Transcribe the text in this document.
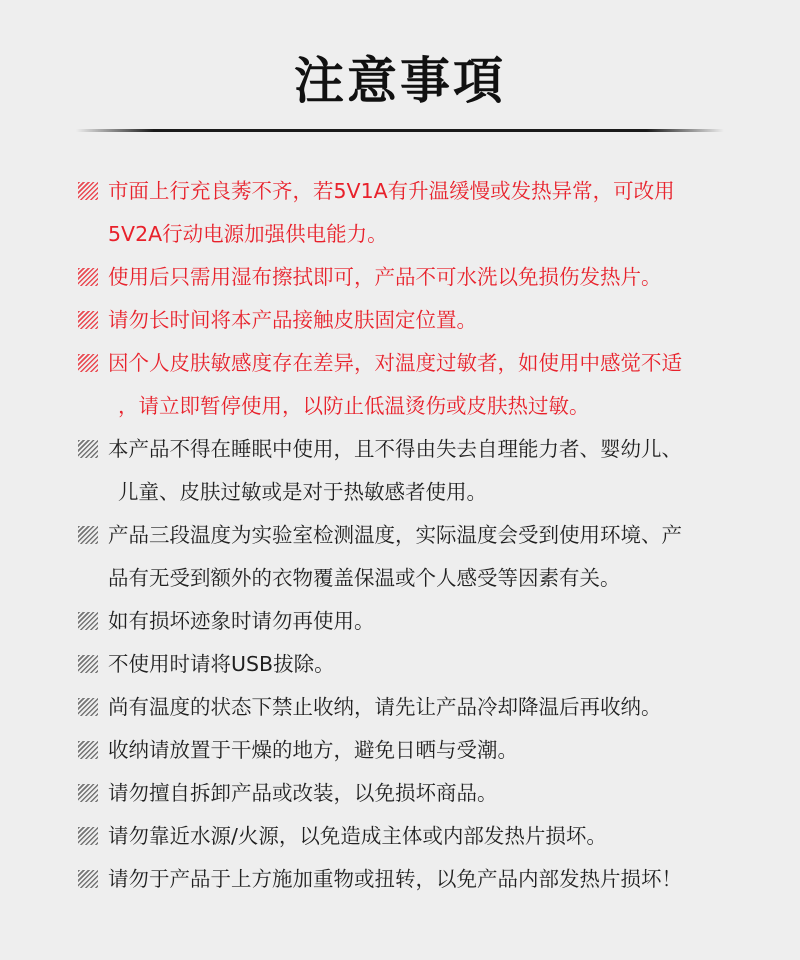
注意事項
市面上行充良莠不齐，若5V1A有升温缓慢或发热异常，可改用
5V2A行动电源加强供电能力。
使用后只需用湿布擦拭即可，产品不可水洗以免损伤发热片。
请勿长时间将本产品接触皮肤固定位置。
因个人皮肤敏感度存在差异，对温度过敏者，如使用中感觉不适
，请立即暂停使用，以防止低温烫伤或皮肤热过敏。
本产品不得在睡眠中使用，且不得由失去自理能力者、婴幼儿、
儿童、皮肤过敏或是对于热敏感者使用。
产品三段温度为实验室检测温度，实际温度会受到使用环境、产
品有无受到额外的衣物覆盖保温或个人感受等因素有关。
如有损坏迹象时请勿再使用。
不使用时请将USB拔除。
尚有温度的状态下禁止收纳，请先让产品冷却降温后再收纳。
收纳请放置于干燥的地方，避免日晒与受潮。
请勿擅自拆卸产品或改装，以免损坏商品。
请勿靠近水源/火源，以免造成主体或内部发热片损坏。
请勿于产品于上方施加重物或扭转，以免产品内部发热片损坏！
